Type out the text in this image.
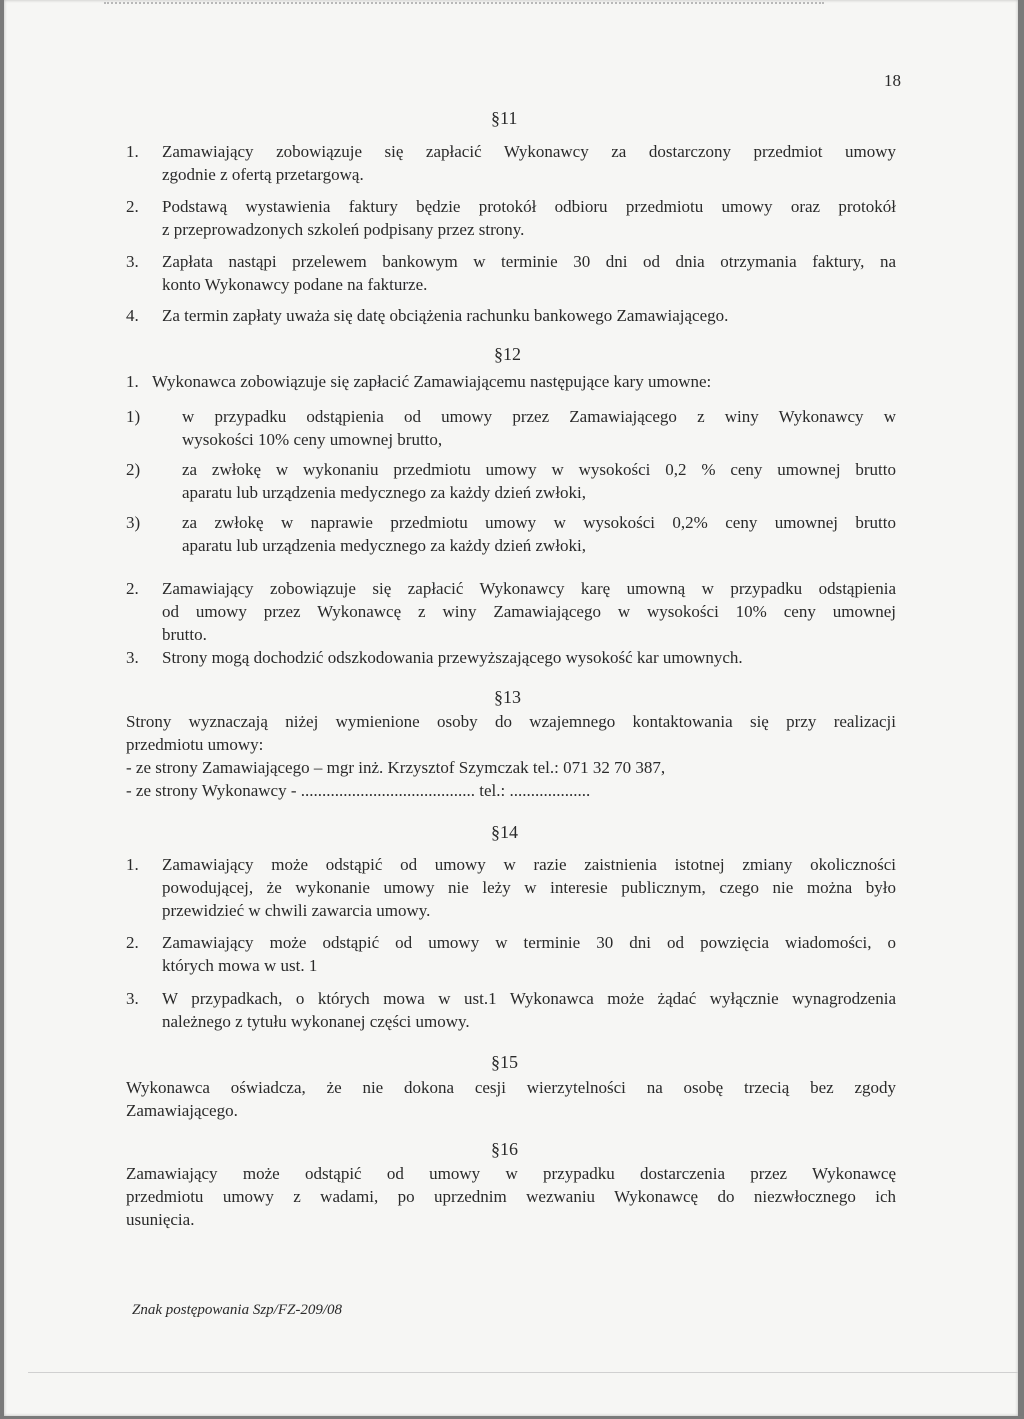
18
§11
1. Zamawiający zobowiązuje się zapłacić Wykonawcy za dostarczony przedmiot umowy
zgodnie z ofertą przetargową.
2. Podstawą wystawienia faktury będzie protokół odbioru przedmiotu umowy oraz protokół
z przeprowadzonych szkoleń podpisany przez strony.
3. Zapłata nastąpi przelewem bankowym w terminie 30 dni od dnia otrzymania faktury, na
konto Wykonawcy podane na fakturze.
4. Za termin zapłaty uważa się datę obciążenia rachunku bankowego Zamawiającego.
§12
1. Wykonawca zobowiązuje się zapłacić Zamawiającemu następujące kary umowne:
1) w przypadku odstąpienia od umowy przez Zamawiającego z winy Wykonawcy w
wysokości 10% ceny umownej brutto,
2) za zwłokę w wykonaniu przedmiotu umowy w wysokości 0,2 % ceny umownej brutto
aparatu lub urządzenia medycznego za każdy dzień zwłoki,
3) za zwłokę w naprawie przedmiotu umowy w wysokości 0,2% ceny umownej brutto
aparatu lub urządzenia medycznego za każdy dzień zwłoki,
2. Zamawiający zobowiązuje się zapłacić Wykonawcy karę umowną w przypadku odstąpienia
od umowy przez Wykonawcę z winy Zamawiającego w wysokości 10% ceny umownej
brutto.
3. Strony mogą dochodzić odszkodowania przewyższającego wysokość kar umownych.
§13
Strony wyznaczają niżej wymienione osoby do wzajemnego kontaktowania się przy realizacji
przedmiotu umowy:
- ze strony Zamawiającego – mgr inż. Krzysztof Szymczak tel.: 071 32 70 387,
- ze strony Wykonawcy - ......................................... tel.: ...................
§14
1. Zamawiający może odstąpić od umowy w razie zaistnienia istotnej zmiany okoliczności
powodującej, że wykonanie umowy nie leży w interesie publicznym, czego nie można było
przewidzieć w chwili zawarcia umowy.
2. Zamawiający może odstąpić od umowy w terminie 30 dni od powzięcia wiadomości, o
których mowa w ust. 1
3. W przypadkach, o których mowa w ust.1 Wykonawca może żądać wyłącznie wynagrodzenia
należnego z tytułu wykonanej części umowy.
§15
Wykonawca oświadcza, że nie dokona cesji wierzytelności na osobę trzecią bez zgody
Zamawiającego.
§16
Zamawiający może odstąpić od umowy w przypadku dostarczenia przez Wykonawcę
przedmiotu umowy z wadami, po uprzednim wezwaniu Wykonawcę do niezwłocznego ich
usunięcia.
Znak postępowania Szp/FZ-209/08
